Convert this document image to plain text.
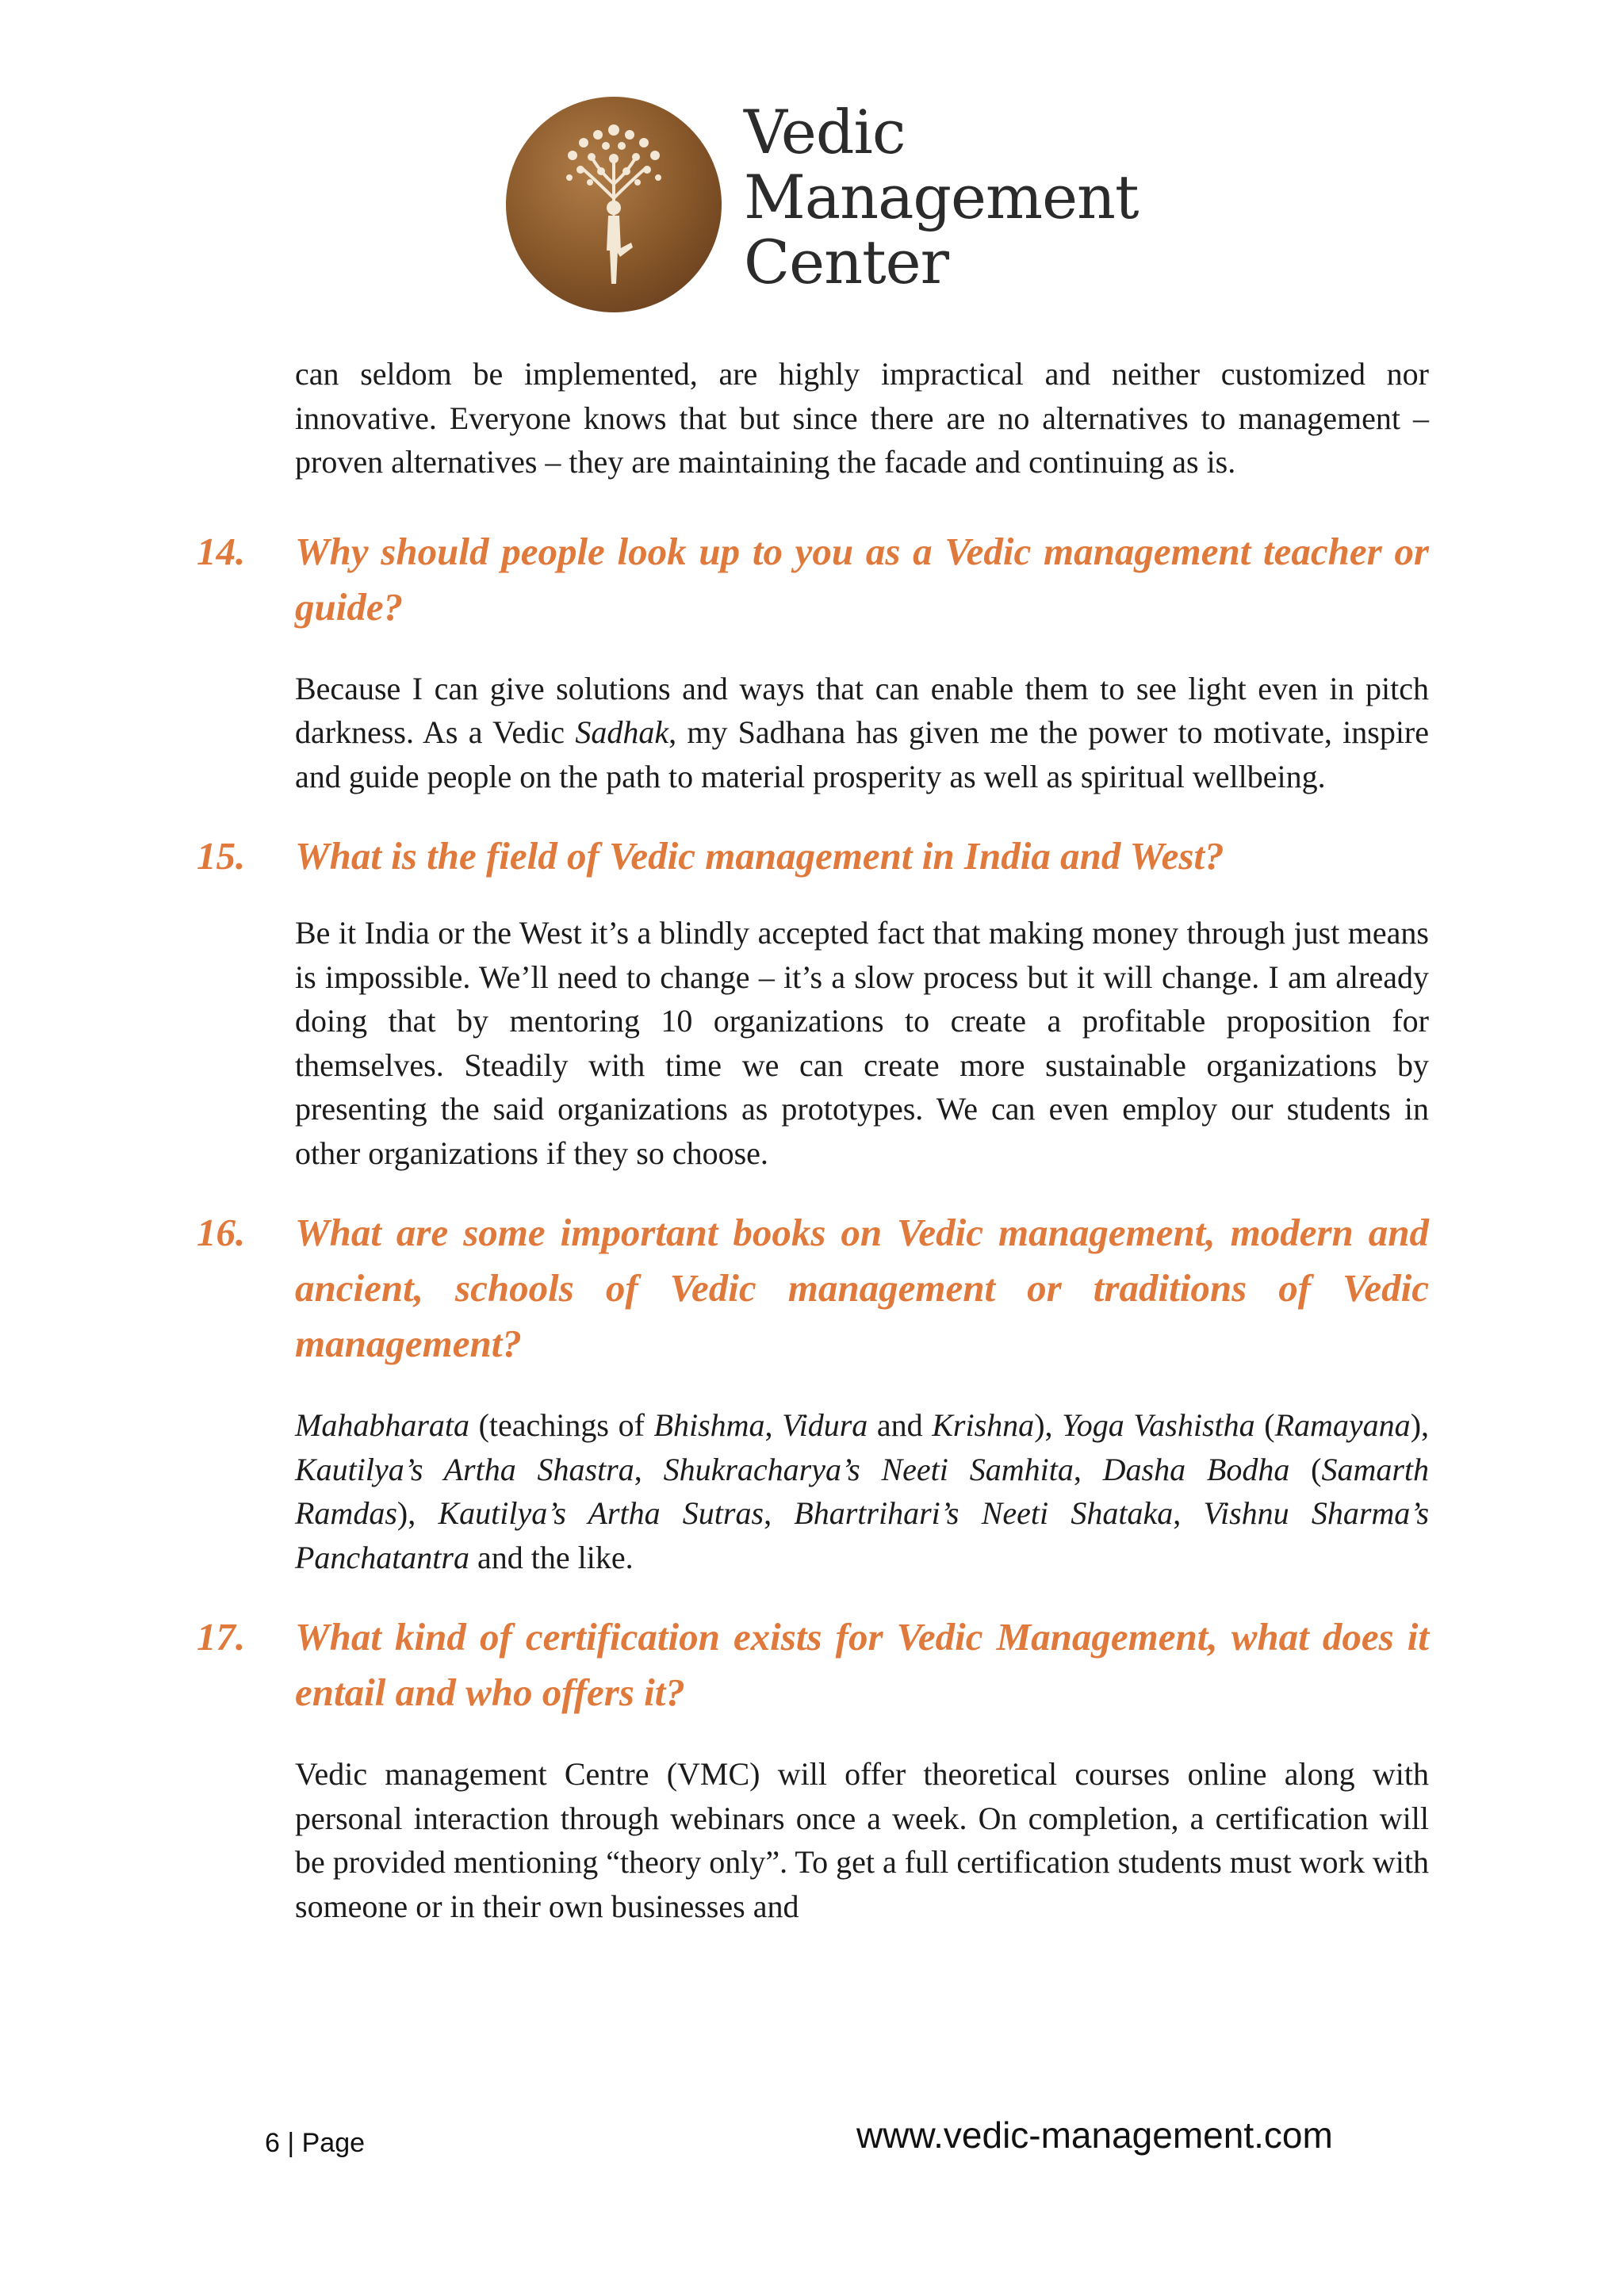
Vedic
Management
Center

can seldom be implemented, are highly impractical and neither customized nor innovative. Everyone knows that but since there are no alternatives to management – proven alternatives – they are maintaining the facade and continuing as is.

14. Why should people look up to you as a Vedic management teacher or guide?

Because I can give solutions and ways that can enable them to see light even in pitch darkness. As a Vedic Sadhak, my Sadhana has given me the power to motivate, inspire and guide people on the path to material prosperity as well as spiritual wellbeing.

15. What is the field of Vedic management in India and West?

Be it India or the West it’s a blindly accepted fact that making money through just means is impossible. We’ll need to change – it’s a slow process but it will change. I am already doing that by mentoring 10 organizations to create a profitable proposition for themselves. Steadily with time we can create more sustainable organizations by presenting the said organizations as prototypes. We can even employ our students in other organizations if they so choose.

16. What are some important books on Vedic management, modern and ancient, schools of Vedic management or traditions of Vedic management?

Mahabharata (teachings of Bhishma, Vidura and Krishna), Yoga Vashistha (Ramayana), Kautilya’s Artha Shastra, Shukracharya’s Neeti Samhita, Dasha Bodha (Samarth Ramdas), Kautilya’s Artha Sutras, Bhartrihari’s Neeti Shataka, Vishnu Sharma’s Panchatantra and the like.

17. What kind of certification exists for Vedic Management, what does it entail and who offers it?

Vedic management Centre (VMC) will offer theoretical courses online along with personal interaction through webinars once a week. On completion, a certification will be provided mentioning “theory only”. To get a full certification students must work with someone or in their own businesses and

6 | Page	www.vedic-management.com
